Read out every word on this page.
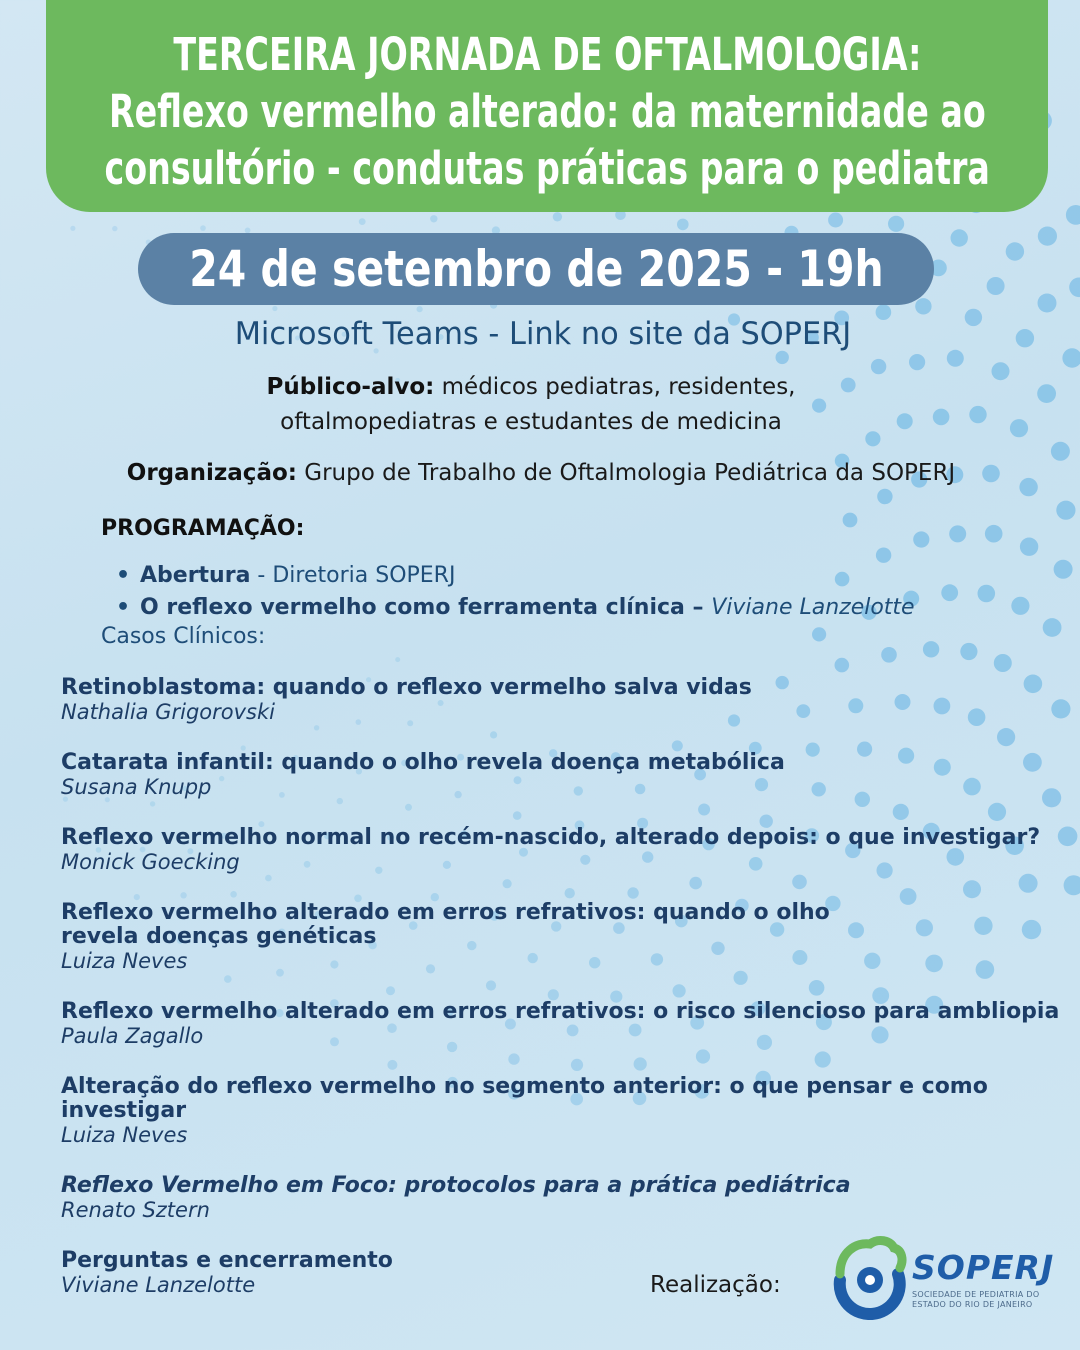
TERCEIRA JORNADA DE OFTALMOLOGIA:
Reflexo vermelho alterado: da maternidade ao
consultório - condutas práticas para o pediatra
24 de setembro de 2025 - 19h
Microsoft Teams - Link no site da SOPERJ
Público-alvo: médicos pediatras, residentes,
oftalmopediatras e estudantes de medicina
Organização: Grupo de Trabalho de Oftalmologia Pediátrica da SOPERJ
PROGRAMAÇÃO:
• Abertura - Diretoria SOPERJ
• O reflexo vermelho como ferramenta clínica – Viviane Lanzelotte
Casos Clínicos:
Retinoblastoma: quando o reflexo vermelho salva vidas
Nathalia Grigorovski
Catarata infantil: quando o olho revela doença metabólica
Susana Knupp
Reflexo vermelho normal no recém-nascido, alterado depois: o que investigar?
Monick Goecking
Reflexo vermelho alterado em erros refrativos: quando o olho
revela doenças genéticas
Luiza Neves
Reflexo vermelho alterado em erros refrativos: o risco silencioso para ambliopia
Paula Zagallo
Alteração do reflexo vermelho no segmento anterior: o que pensar e como
investigar
Luiza Neves
Reflexo Vermelho em Foco: protocolos para a prática pediátrica
Renato Sztern
Perguntas e encerramento
Viviane Lanzelotte	Realização:	SOPERJ
SOCIEDADE DE PEDIATRIA DO
ESTADO DO RIO DE JANEIRO
